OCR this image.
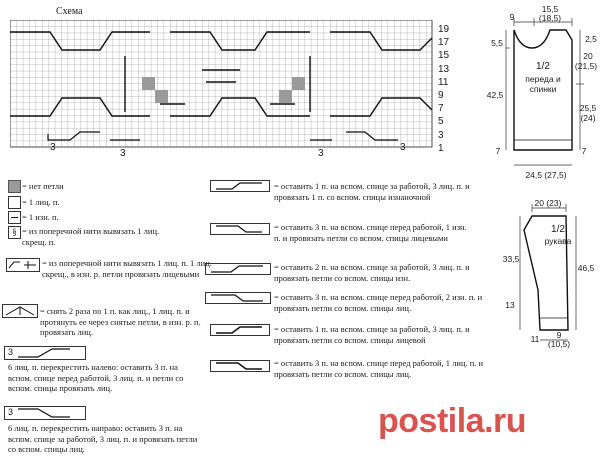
Схема
3
3	3
3
19
17
15
13
11
9
7
5
3
1
= нет петли
= 1 лиц. п.
= 1 изн. п.
§ = из поперечной нити вывязать 1 лиц. скрещ. п.
= из поперечной нити вывязать 1 лиц. п. 1 лиц. скрещ., в изн. р. петли провязать лицевыми
= снять 2 раза по 1 п. как лиц., 1 лиц. п. и протянуть ее через снятые петли, в изн. р. п. провязать лиц.
3
6 лиц. п. перекрестить налево: оставить 3 п. на вспом. спице перед работой, 3 лиц. п. и петли со вспом. спицы провязать лиц.
3
6 лиц. п. перекрестить направо: оставить 3 п. на вспом. спице за работой, 3 лиц. п. и провязать петли со вспом. спицы лиц.
= оставить 1 п. на вспом. спице за работой, 3 лиц. п. и провязать 1 п. со вспом. спицы изнаночной
= оставить 3 п. на вспом. спице перед работой, 1 изн. п. и провязать петли со вспом. спицы лицевыми
= оставить 2 п. на вспом. спице за работой, 3 лиц. п. и провязать петли со вспом. спицы изн.
= оставить 3 п. на вспом. спице перед работой, 2 изн. п. и провязать петли со вспом. спицы лиц.
= оставить 1 п. на вспом. спице за работой, 3 лиц. п. и провязать петли со вспом. спицы лицевой
= оставить 3 п. на вспом. спице перед работой, 1 лиц. п. и провязать петли со вспом. спицы лиц.
9
15,5
(18,5)
2,5
5,5
20
(21,5)
1/2
переда и спинки
42,5
25,5
(24)
7	7
24,5 (27,5)
20 (23)
1/2
рукава
33,5
46,5
13
11	9
(10,5)
postila.ru
